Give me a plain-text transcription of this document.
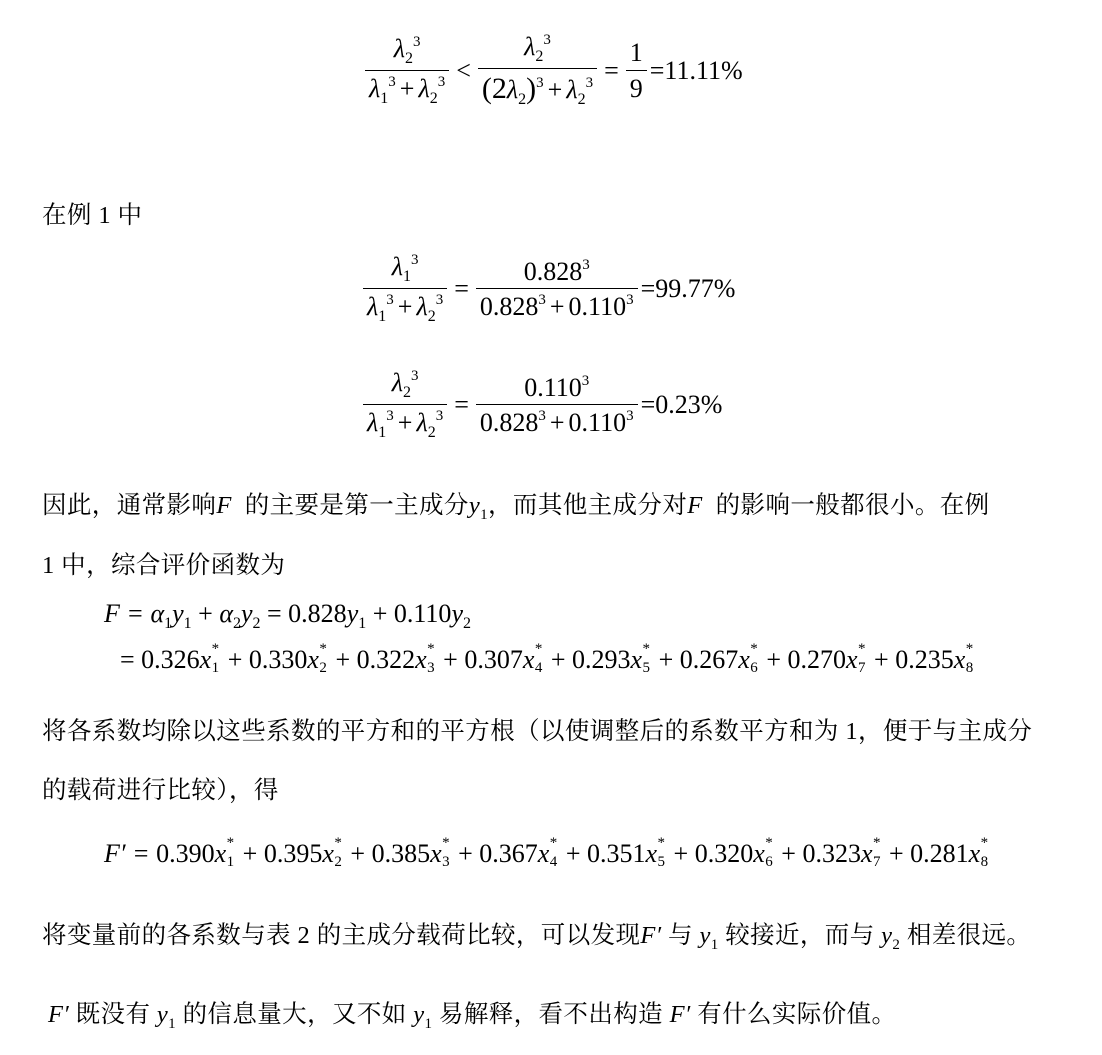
$\frac{\lambda_2^3}{\lambda_1^3 + \lambda_2^3} < \frac{\lambda_2^3}{(2\lambda_2)^3 + \lambda_2^3} = \frac{1}{9} =11.11\%$
在例 1 中
$\frac{\lambda_1^3}{\lambda_1^3 + \lambda_2^3} = \frac{0.828^3}{0.828^3 + 0.110^3} =99.77\%$
$\frac{\lambda_2^3}{\lambda_1^3 + \lambda_2^3} = \frac{0.110^3}{0.828^3 + 0.110^3} =0.23\%$
因此，通常影响F  的主要是第一主成分$y_1$，而其他主成分对F  的影响一般都很小。在例
1 中，综合评价函数为
$F = \alpha_1y_1 + \alpha_2y_2 = 0.828y_1 + 0.110y_2$
= 0.326x *
1 + 0.330x *
2 + 0.322x *
3 + 0.307x *
4 + 0.293x *
5 + 0.267x *
6 + 0.270x *
7 + 0.235x *
8
将各系数均除以这些系数的平方和的平方根（以使调整后的系数平方和为 1，便于与主成分
的载荷进行比较），得
F′ = 0.390x *
1 + 0.395x *
2 + 0.385x *
3 + 0.367x *
4 + 0.351x *
5 + 0.320x *
6 + 0.323x *
7 + 0.281x *
8
将变量前的各系数与表 2 的主成分载荷比较，可以发现F′ 与 $y_1$ 较接近，而与 $y_2$ 相差很远。
F′ 既没有 $y_1$ 的信息量大，又不如 $y_1$ 易解释，看不出构造 F′ 有什么实际价值。
